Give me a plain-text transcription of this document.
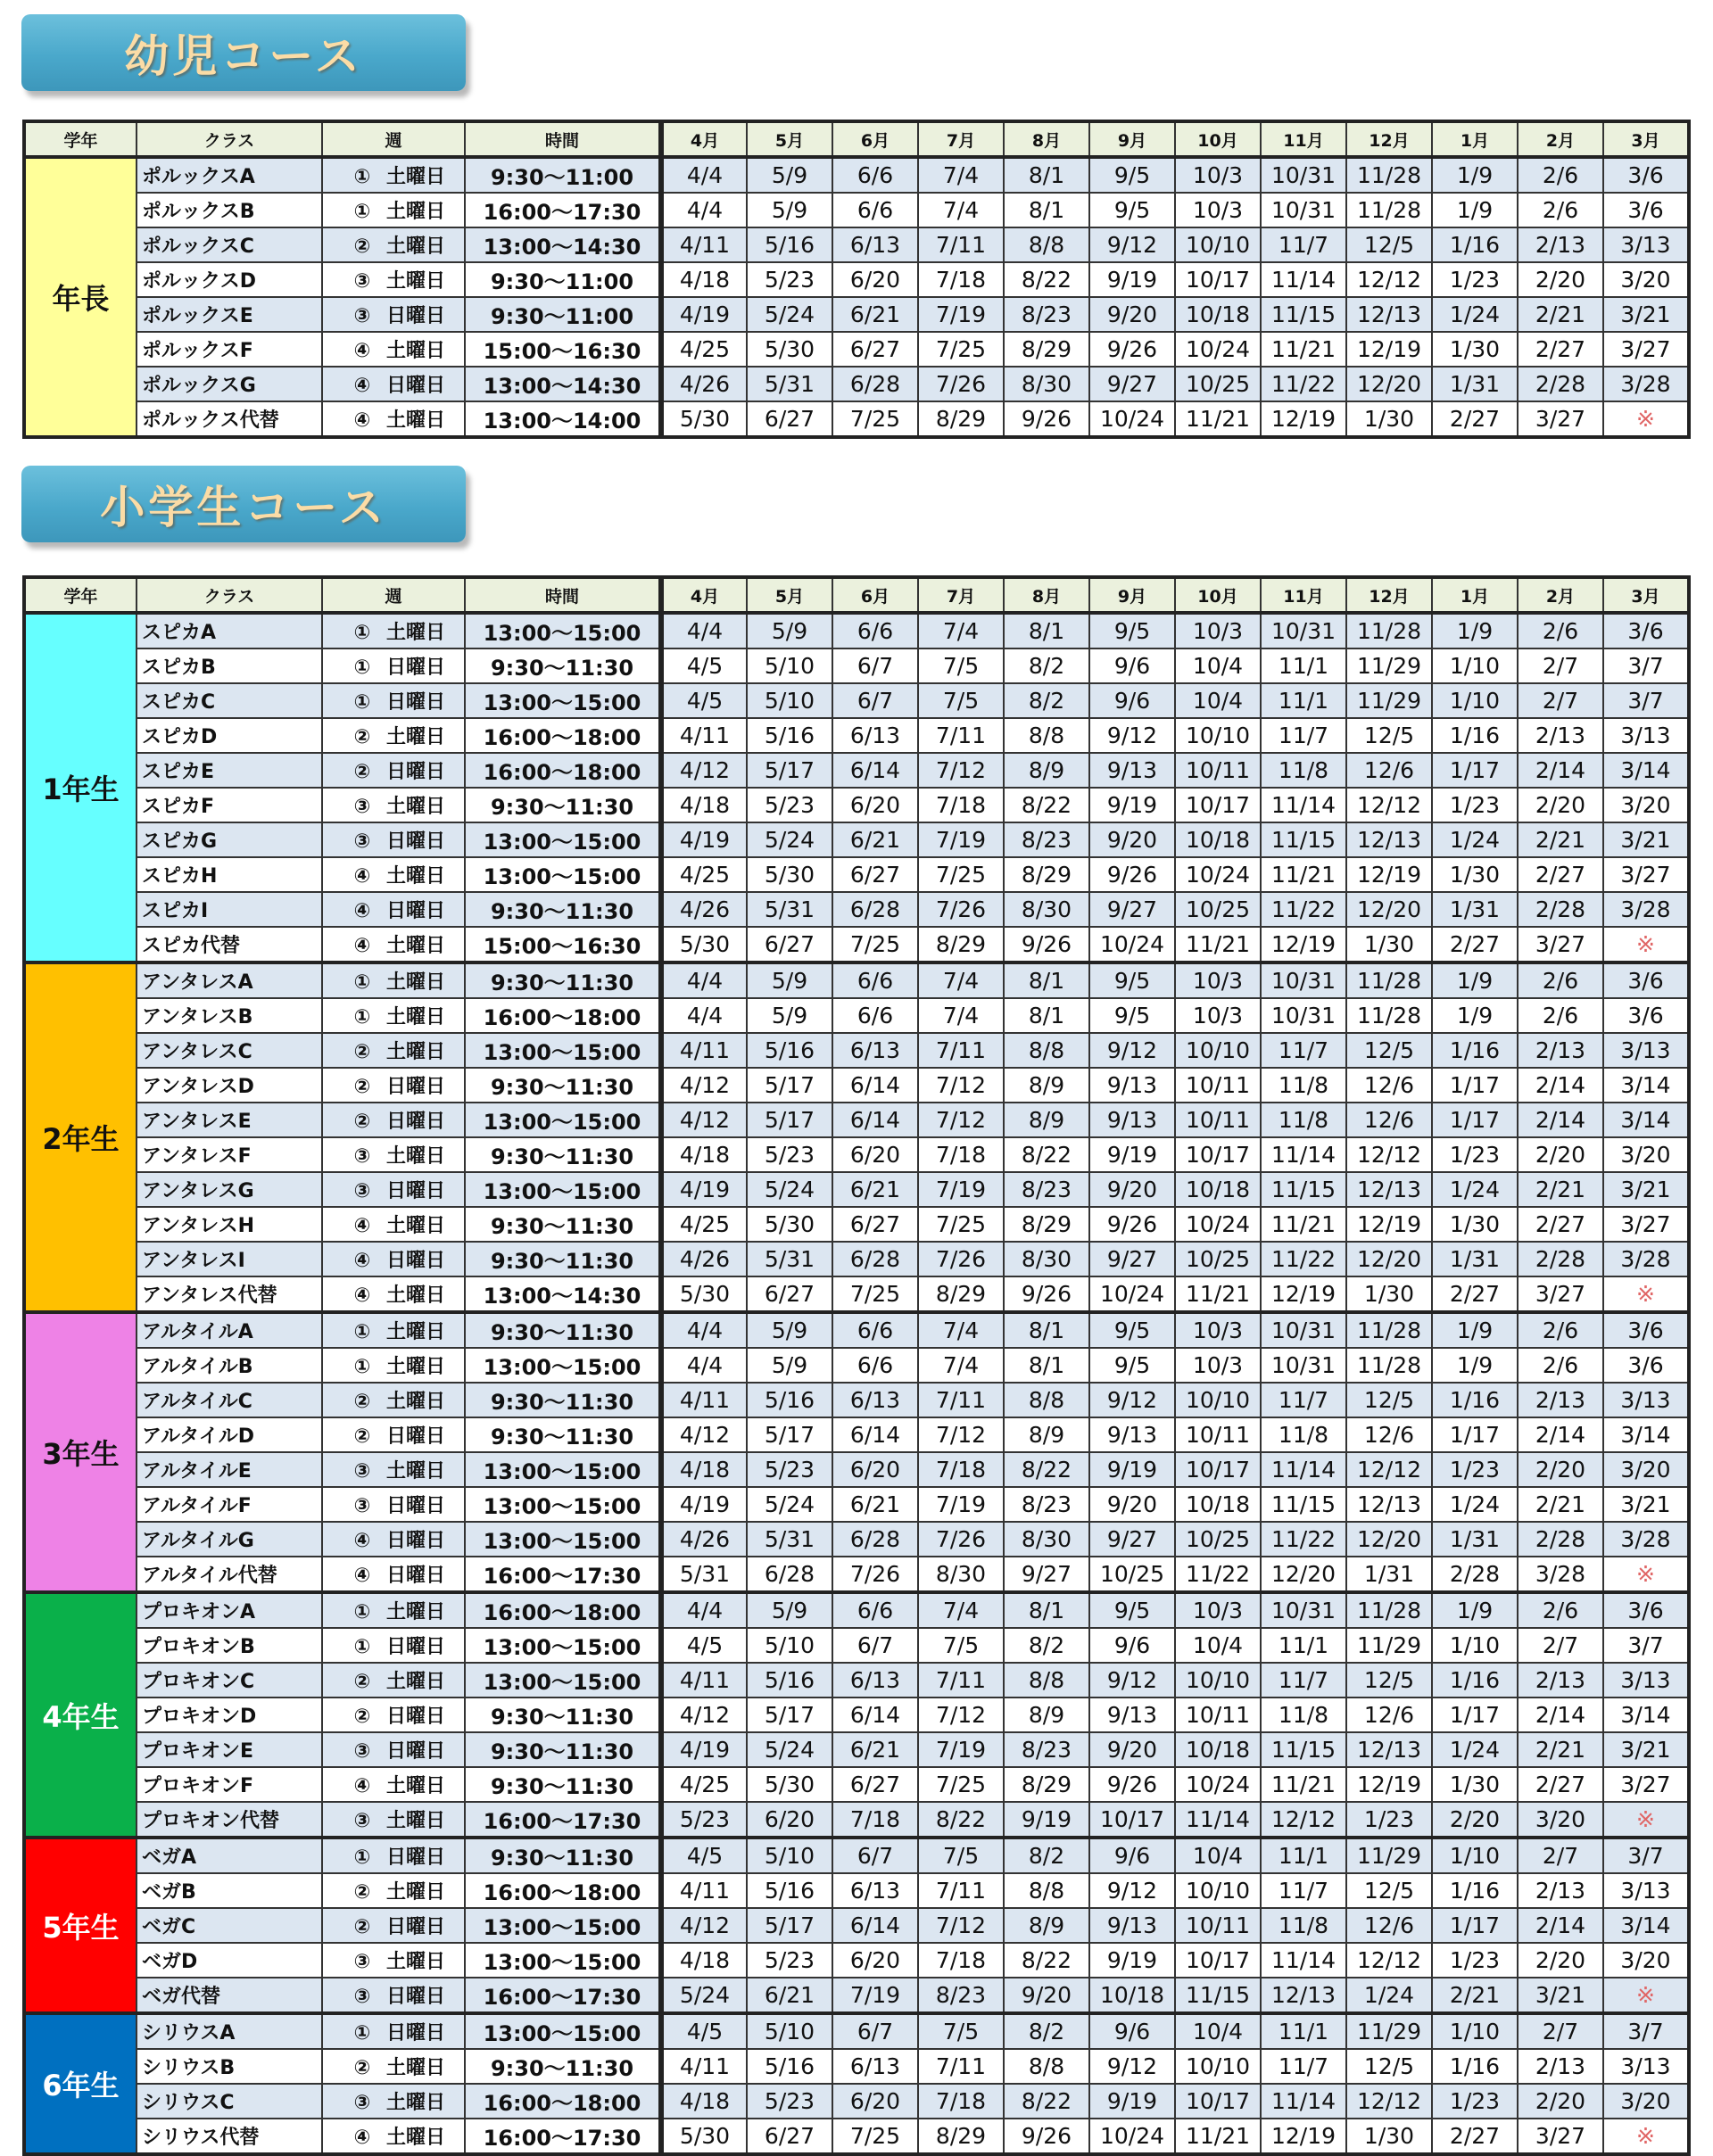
幼児コース
学年	クラス	週	時間	4月	5月	6月	7月	8月	9月	10月	11月	12月	1月	2月	3月
年長	ポルックスA	① 土曜日	9:30～11:00	4/4	5/9	6/6	7/4	8/1	9/5	10/3	10/31	11/28	1/9	2/6	3/6
	ポルックスB	① 土曜日	16:00～17:30	4/4	5/9	6/6	7/4	8/1	9/5	10/3	10/31	11/28	1/9	2/6	3/6
	ポルックスC	② 土曜日	13:00～14:30	4/11	5/16	6/13	7/11	8/8	9/12	10/10	11/7	12/5	1/16	2/13	3/13
	ポルックスD	③ 土曜日	9:30～11:00	4/18	5/23	6/20	7/18	8/22	9/19	10/17	11/14	12/12	1/23	2/20	3/20
	ポルックスE	③ 日曜日	9:30～11:00	4/19	5/24	6/21	7/19	8/23	9/20	10/18	11/15	12/13	1/24	2/21	3/21
	ポルックスF	④ 土曜日	15:00～16:30	4/25	5/30	6/27	7/25	8/29	9/26	10/24	11/21	12/19	1/30	2/27	3/27
	ポルックスG	④ 日曜日	13:00～14:30	4/26	5/31	6/28	7/26	8/30	9/27	10/25	11/22	12/20	1/31	2/28	3/28
	ポルックス代替	④ 土曜日	13:00～14:00	5/30	6/27	7/25	8/29	9/26	10/24	11/21	12/19	1/30	2/27	3/27	※
小学生コース
学年	クラス	週	時間	4月	5月	6月	7月	8月	9月	10月	11月	12月	1月	2月	3月
1年生	スピカA	① 土曜日	13:00～15:00	4/4	5/9	6/6	7/4	8/1	9/5	10/3	10/31	11/28	1/9	2/6	3/6
	スピカB	① 日曜日	9:30～11:30	4/5	5/10	6/7	7/5	8/2	9/6	10/4	11/1	11/29	1/10	2/7	3/7
	スピカC	① 日曜日	13:00～15:00	4/5	5/10	6/7	7/5	8/2	9/6	10/4	11/1	11/29	1/10	2/7	3/7
	スピカD	② 土曜日	16:00～18:00	4/11	5/16	6/13	7/11	8/8	9/12	10/10	11/7	12/5	1/16	2/13	3/13
	スピカE	② 日曜日	16:00～18:00	4/12	5/17	6/14	7/12	8/9	9/13	10/11	11/8	12/6	1/17	2/14	3/14
	スピカF	③ 土曜日	9:30～11:30	4/18	5/23	6/20	7/18	8/22	9/19	10/17	11/14	12/12	1/23	2/20	3/20
	スピカG	③ 日曜日	13:00～15:00	4/19	5/24	6/21	7/19	8/23	9/20	10/18	11/15	12/13	1/24	2/21	3/21
	スピカH	④ 土曜日	13:00～15:00	4/25	5/30	6/27	7/25	8/29	9/26	10/24	11/21	12/19	1/30	2/27	3/27
	スピカI	④ 日曜日	9:30～11:30	4/26	5/31	6/28	7/26	8/30	9/27	10/25	11/22	12/20	1/31	2/28	3/28
	スピカ代替	④ 土曜日	15:00～16:30	5/30	6/27	7/25	8/29	9/26	10/24	11/21	12/19	1/30	2/27	3/27	※
2年生	アンタレスA	① 土曜日	9:30～11:30	4/4	5/9	6/6	7/4	8/1	9/5	10/3	10/31	11/28	1/9	2/6	3/6
	アンタレスB	① 土曜日	16:00～18:00	4/4	5/9	6/6	7/4	8/1	9/5	10/3	10/31	11/28	1/9	2/6	3/6
	アンタレスC	② 土曜日	13:00～15:00	4/11	5/16	6/13	7/11	8/8	9/12	10/10	11/7	12/5	1/16	2/13	3/13
	アンタレスD	② 日曜日	9:30～11:30	4/12	5/17	6/14	7/12	8/9	9/13	10/11	11/8	12/6	1/17	2/14	3/14
	アンタレスE	② 日曜日	13:00～15:00	4/12	5/17	6/14	7/12	8/9	9/13	10/11	11/8	12/6	1/17	2/14	3/14
	アンタレスF	③ 土曜日	9:30～11:30	4/18	5/23	6/20	7/18	8/22	9/19	10/17	11/14	12/12	1/23	2/20	3/20
	アンタレスG	③ 日曜日	13:00～15:00	4/19	5/24	6/21	7/19	8/23	9/20	10/18	11/15	12/13	1/24	2/21	3/21
	アンタレスH	④ 土曜日	9:30～11:30	4/25	5/30	6/27	7/25	8/29	9/26	10/24	11/21	12/19	1/30	2/27	3/27
	アンタレスI	④ 日曜日	9:30～11:30	4/26	5/31	6/28	7/26	8/30	9/27	10/25	11/22	12/20	1/31	2/28	3/28
	アンタレス代替	④ 土曜日	13:00～14:30	5/30	6/27	7/25	8/29	9/26	10/24	11/21	12/19	1/30	2/27	3/27	※
3年生	アルタイルA	① 土曜日	9:30～11:30	4/4	5/9	6/6	7/4	8/1	9/5	10/3	10/31	11/28	1/9	2/6	3/6
	アルタイルB	① 土曜日	13:00～15:00	4/4	5/9	6/6	7/4	8/1	9/5	10/3	10/31	11/28	1/9	2/6	3/6
	アルタイルC	② 土曜日	9:30～11:30	4/11	5/16	6/13	7/11	8/8	9/12	10/10	11/7	12/5	1/16	2/13	3/13
	アルタイルD	② 日曜日	9:30～11:30	4/12	5/17	6/14	7/12	8/9	9/13	10/11	11/8	12/6	1/17	2/14	3/14
	アルタイルE	③ 土曜日	13:00～15:00	4/18	5/23	6/20	7/18	8/22	9/19	10/17	11/14	12/12	1/23	2/20	3/20
	アルタイルF	③ 日曜日	13:00～15:00	4/19	5/24	6/21	7/19	8/23	9/20	10/18	11/15	12/13	1/24	2/21	3/21
	アルタイルG	④ 日曜日	13:00～15:00	4/26	5/31	6/28	7/26	8/30	9/27	10/25	11/22	12/20	1/31	2/28	3/28
	アルタイル代替	④ 日曜日	16:00～17:30	5/31	6/28	7/26	8/30	9/27	10/25	11/22	12/20	1/31	2/28	3/28	※
4年生	プロキオンA	① 土曜日	16:00～18:00	4/4	5/9	6/6	7/4	8/1	9/5	10/3	10/31	11/28	1/9	2/6	3/6
	プロキオンB	① 日曜日	13:00～15:00	4/5	5/10	6/7	7/5	8/2	9/6	10/4	11/1	11/29	1/10	2/7	3/7
	プロキオンC	② 土曜日	13:00～15:00	4/11	5/16	6/13	7/11	8/8	9/12	10/10	11/7	12/5	1/16	2/13	3/13
	プロキオンD	② 日曜日	9:30～11:30	4/12	5/17	6/14	7/12	8/9	9/13	10/11	11/8	12/6	1/17	2/14	3/14
	プロキオンE	③ 日曜日	9:30～11:30	4/19	5/24	6/21	7/19	8/23	9/20	10/18	11/15	12/13	1/24	2/21	3/21
	プロキオンF	④ 土曜日	9:30～11:30	4/25	5/30	6/27	7/25	8/29	9/26	10/24	11/21	12/19	1/30	2/27	3/27
	プロキオン代替	③ 土曜日	16:00～17:30	5/23	6/20	7/18	8/22	9/19	10/17	11/14	12/12	1/23	2/20	3/20	※
5年生	ベガA	① 日曜日	9:30～11:30	4/5	5/10	6/7	7/5	8/2	9/6	10/4	11/1	11/29	1/10	2/7	3/7
	ベガB	② 土曜日	16:00～18:00	4/11	5/16	6/13	7/11	8/8	9/12	10/10	11/7	12/5	1/16	2/13	3/13
	ベガC	② 日曜日	13:00～15:00	4/12	5/17	6/14	7/12	8/9	9/13	10/11	11/8	12/6	1/17	2/14	3/14
	ベガD	③ 土曜日	13:00～15:00	4/18	5/23	6/20	7/18	8/22	9/19	10/17	11/14	12/12	1/23	2/20	3/20
	ベガ代替	③ 日曜日	16:00～17:30	5/24	6/21	7/19	8/23	9/20	10/18	11/15	12/13	1/24	2/21	3/21	※
6年生	シリウスA	① 日曜日	13:00～15:00	4/5	5/10	6/7	7/5	8/2	9/6	10/4	11/1	11/29	1/10	2/7	3/7
	シリウスB	② 土曜日	9:30～11:30	4/11	5/16	6/13	7/11	8/8	9/12	10/10	11/7	12/5	1/16	2/13	3/13
	シリウスC	③ 土曜日	16:00～18:00	4/18	5/23	6/20	7/18	8/22	9/19	10/17	11/14	12/12	1/23	2/20	3/20
	シリウス代替	④ 土曜日	16:00～17:30	5/30	6/27	7/25	8/29	9/26	10/24	11/21	12/19	1/30	2/27	3/27	※
